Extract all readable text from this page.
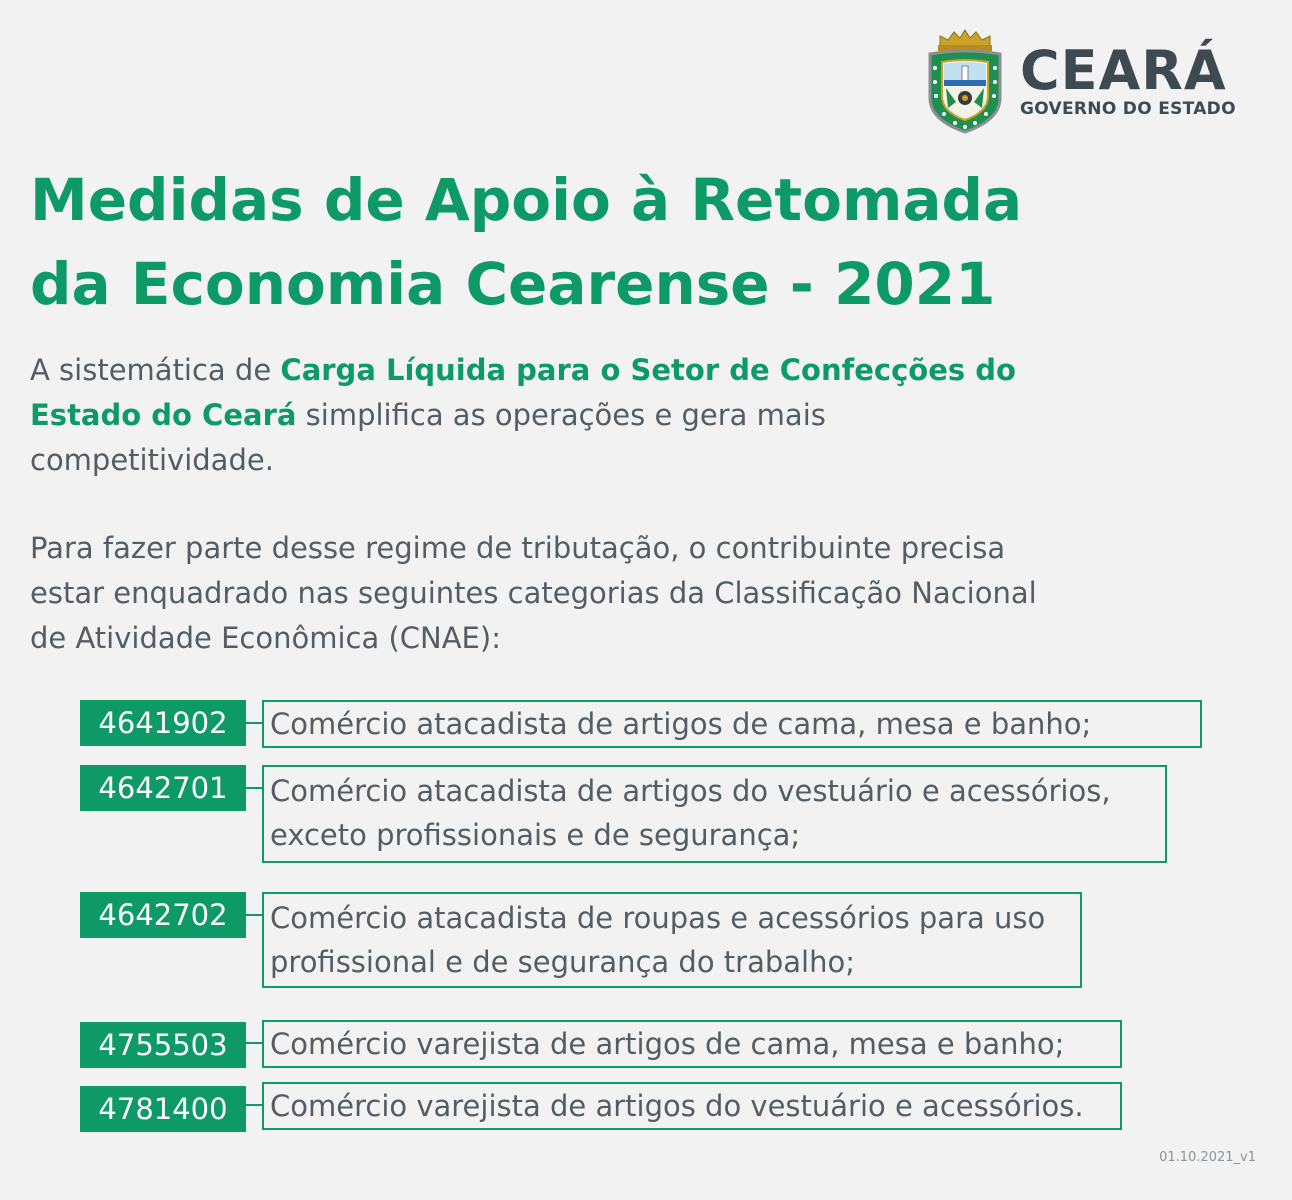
CEARÁ
GOVERNO DO ESTADO
Medidas de Apoio à Retomada
da Economia Cearense - 2021

A sistemática de Carga Líquida para o Setor de Confecções do Estado do Ceará simplifica as operações e gera mais competitividade.

Para fazer parte desse regime de tributação, o contribuinte precisa estar enquadrado nas seguintes categorias da Classificação Nacional de Atividade Econômica (CNAE):

4641902	Comércio atacadista de artigos de cama, mesa e banho;
4642701	Comércio atacadista de artigos do vestuário e acessórios, exceto profissionais e de segurança;
4642702	Comércio atacadista de roupas e acessórios para uso profissional e de segurança do trabalho;
4755503	Comércio varejista de artigos de cama, mesa e banho;
4781400	Comércio varejista de artigos do vestuário e acessórios.
01.10.2021_v1
